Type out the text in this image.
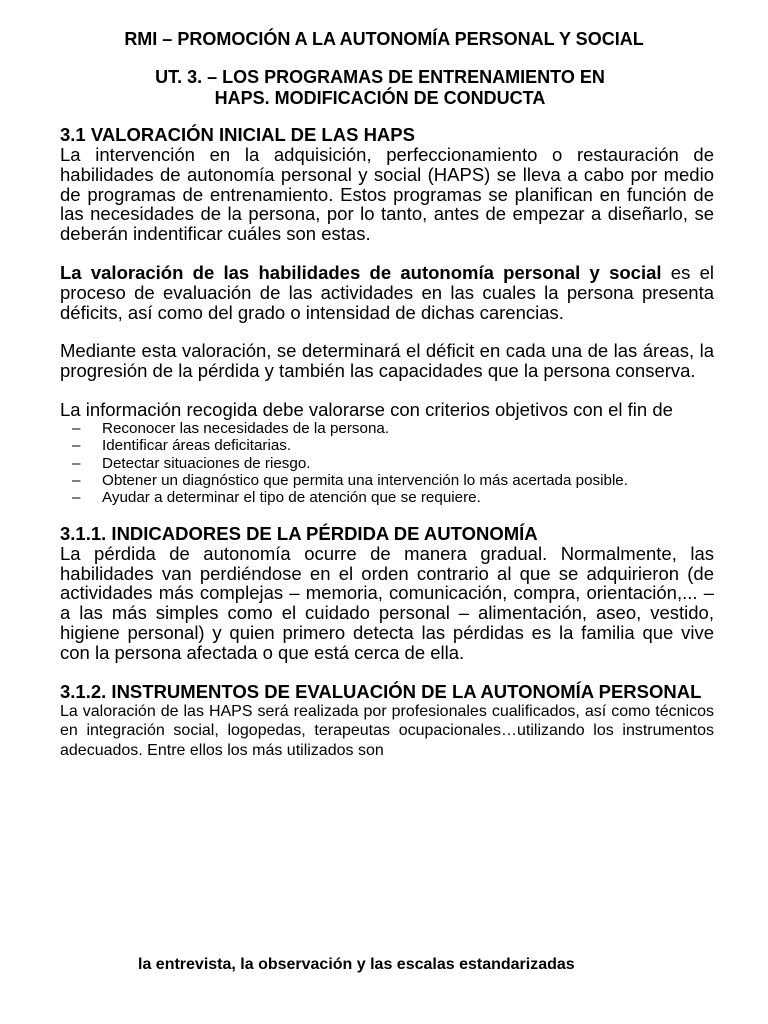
RMI – PROMOCIÓN A LA AUTONOMÍA PERSONAL Y SOCIAL
UT. 3. – LOS PROGRAMAS DE ENTRENAMIENTO EN
HAPS. MODIFICACIÓN DE CONDUCTA
3.1 VALORACIÓN INICIAL DE LAS HAPS

La intervención en la adquisición, perfeccionamiento o restauración de habilidades de autonomía personal y social (HAPS) se lleva a cabo por medio de programas de entrenamiento. Estos programas se planifican en función de las necesidades de la persona, por lo tanto, antes de empezar a diseñarlo, se deberán indentificar cuáles son estas.

La valoración de las habilidades de autonomía personal y social es el proceso de evaluación de las actividades en las cuales la persona presenta déficits, así como del grado o intensidad de dichas carencias.

Mediante esta valoración, se determinará el déficit en cada una de las áreas, la progresión de la pérdida y también las capacidades que la persona conserva.

La información recogida debe valorarse con criterios objetivos con el fin de

– Reconocer las necesidades de la persona.
– Identificar áreas deficitarias.
– Detectar situaciones de riesgo.
– Obtener un diagnóstico que permita una intervención lo más acertada posible.
– Ayudar a determinar el tipo de atención que se requiere.
3.1.1. INDICADORES DE LA PÉRDIDA DE AUTONOMÍA

La pérdida de autonomía ocurre de manera gradual. Normalmente, las habilidades van perdiéndose en el orden contrario al que se adquirieron (de actividades más complejas – memoria, comunicación, compra, orientación,... – a las más simples como el cuidado personal – alimentación, aseo, vestido, higiene personal) y quien primero detecta las pérdidas es la familia que vive con la persona afectada o que está cerca de ella.

3.1.2. INSTRUMENTOS DE EVALUACIÓN DE LA AUTONOMÍA PERSONAL

La valoración de las HAPS será realizada por profesionales cualificados, así como técnicos en integración social, logopedas, terapeutas ocupacionales…utilizando los instrumentos adecuados. Entre ellos los más utilizados son

la entrevista, la observación y las escalas estandarizadas
